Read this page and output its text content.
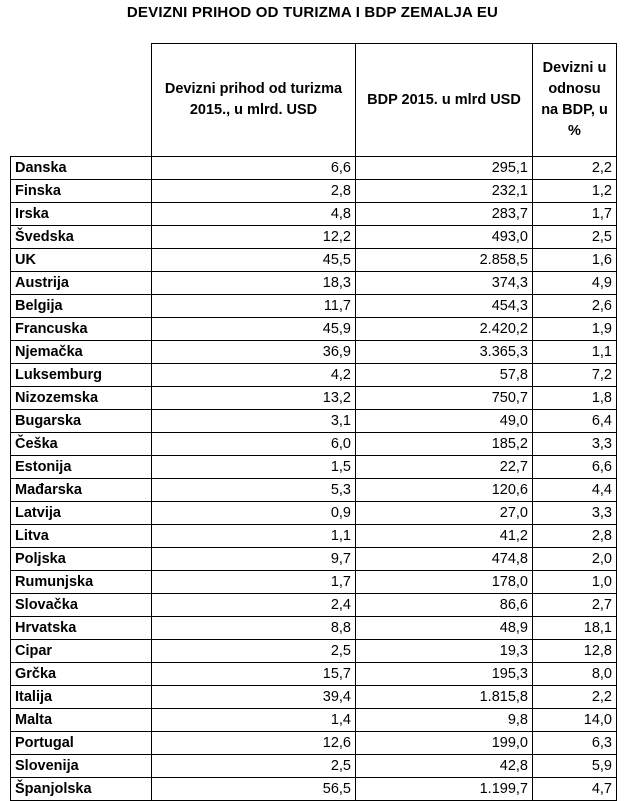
DEVIZNI PRIHOD OD TURIZMA I BDP ZEMALJA EU
	Devizni prihod od turizma 2015., u mlrd. USD	BDP 2015. u mlrd USD	Devizni u odnosu na BDP, u %
Danska	6,6	295,1	2,2
Finska	2,8	232,1	1,2
Irska	4,8	283,7	1,7
Švedska	12,2	493,0	2,5
UK	45,5	2.858,5	1,6
Austrija	18,3	374,3	4,9
Belgija	11,7	454,3	2,6
Francuska	45,9	2.420,2	1,9
Njemačka	36,9	3.365,3	1,1
Luksemburg	4,2	57,8	7,2
Nizozemska	13,2	750,7	1,8
Bugarska	3,1	49,0	6,4
Češka	6,0	185,2	3,3
Estonija	1,5	22,7	6,6
Mađarska	5,3	120,6	4,4
Latvija	0,9	27,0	3,3
Litva	1,1	41,2	2,8
Poljska	9,7	474,8	2,0
Rumunjska	1,7	178,0	1,0
Slovačka	2,4	86,6	2,7
Hrvatska	8,8	48,9	18,1
Cipar	2,5	19,3	12,8
Grčka	15,7	195,3	8,0
Italija	39,4	1.815,8	2,2
Malta	1,4	9,8	14,0
Portugal	12,6	199,0	6,3
Slovenija	2,5	42,8	5,9
Španjolska	56,5	1.199,7	4,7
